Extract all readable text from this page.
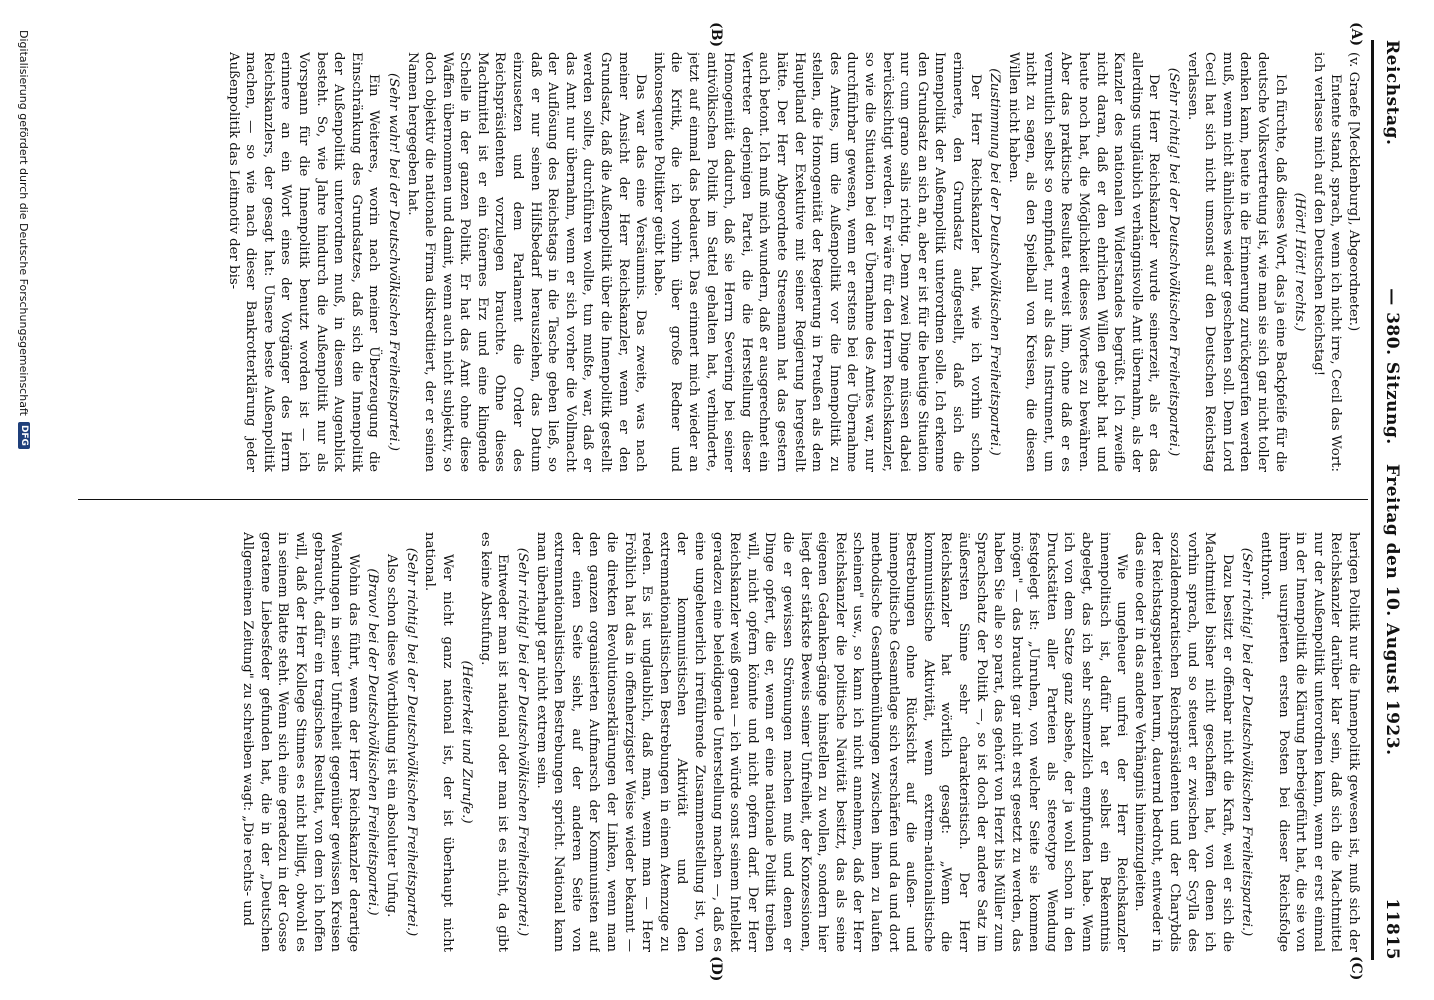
Reichstag.
— 380. Sitzung.   Freitag den 10. August 1923.
11815
(A)
(B)
(C)
(D)

(v. Graefe [Mecklenburg], Abgeordneter.)

Entente stand, sprach, wenn ich nicht irre, Cecil das Wort: ich verlasse mich auf den Deutschen Reichstag!

(Hört! Hört! rechts.)

Ich fürchte, daß dieses Wort, das ja eine Backpfeife für die deutsche Volksvertretung ist, wie man sie sich gar nicht toller denken kann, heute in die Erinnerung zurückgerufen werden muß, wenn nicht ähnliches wieder geschehen soll. Denn Lord Cecil hat sich nicht umsonst auf den Deutschen Reichstag verlassen.

(Sehr richtig! bei der Deutschvölkischen Freiheitspartei.)

Der Herr Reichskanzler wurde seinerzeit, als er das allerdings ungläubich verhängnisvolle Amt übernahm, als der Kanzler des nationalen Widerstandes begrüßt. Ich zweifle nicht daran, daß er den ehrlichen Willen gehabt hat und heute noch hat, die Möglichkeit dieses Wortes zu bewähren. Aber das praktische Resultat erweist ihm, ohne daß er es vermutlich selbst so empfindet, nur als das Instrument, um nicht zu sagen, als den Spielball von Kreisen, die diesen Willen nicht haben.

(Zustimmung bei der Deutschvölkischen Freiheitspartei.)

Der Herr Reichskanzler hat, wie ich vorhin schon erinnerte, den Grundsatz aufgestellt, daß sich die Innenpolitik der Außenpolitik unterordnen solle. Ich erkenne den Grundsatz an sich an, aber er ist für die heutige Situation nur cum grano salis richtig. Denn zwei Dinge müssen dabei berücksichtigt werden. Er wäre für den Herrn Reichskanzler, so wie die Situation bei der Übernahme des Amtes war, nur durchführbar gewesen, wenn er erstens bei der Übernahme des Amtes, um die Außenpolitik vor die Innenpolitik zu stellen, die Homogenität der Regierung in Preußen als dem Hauptland der Exekutive mit seiner Regierung hergestellt hätte. Der Herr Abgeordnete Stresemann hat das gestern auch betont. Ich muß mich wundern, daß er ausgerechnet ein Vertreter derjenigen Partei, die die Herstellung dieser Homogenität dadurch, daß sie Herrn Severing bei seiner antivölkischen Politik im Sattel gehalten hat, verhinderte, jetzt auf einmal das bedauert. Das erinnert mich wieder an die Kritik, die ich vorhin über große Redner und inkonsequente Politiker geübt habe.

Das war das eine Versäumnis. Das zweite, was nach meiner Ansicht der Herr Reichskanzler, wenn er den Grundsatz, daß die Außenpolitik über die Innenpolitik gestellt werden sollte, durchführen wollte, tun mußte, war, daß er das Amt nur übernahm, wenn er sich vorher die Vollmacht der Auflösung des Reichstags in die Tasche geben ließ, so daß er nur seinen Hilfsbedarf herausziehen, das Datum einzusetzen und dem Parlament die Order des Reichspräsidenten vorzulegen brauchte. Ohne dieses Machtmittel ist er ein tönernes Erz und eine klingende Schelle in der ganzen Politik. Er hat das Amt ohne diese Waffen übernommen und damit, wenn auch nicht subjektiv, so doch objektiv die nationale Firma diskreditiert, der er seinen Namen hergegeben hat.

(Sehr wahr! bei der Deutschvölkischen Freiheitspartei.)

Ein Weiteres, worin nach meiner Überzeugung die Einschränkung des Grundsatzes, daß sich die Innenpolitik der Außenpolitik unterordnen muß, in diesem Augenblick besteht. So, wie Jahre hindurch die Außenpolitik nur als Vorspann für die Innenpolitik benutzt worden ist — ich erinnere an ein Wort eines der Vorgänger des Herrn Reichskanzlers, der gesagt hat: Unsere beste Außenpolitik machen, — so wie nach dieser Bankrotterklärung jeder Außenpolitik das Leitmotiv der bis-

herigen Politik nur die Innenpolitik gewesen ist, muß sich der Reichskanzler darüber klar sein, daß sich die Machtmittel nur der Außenpolitik unterordnen kann, wenn er erst einmal in der Innenpolitik die Klärung herbeigeführt hat, die sie von ihrem usurpierten ersten Posten bei dieser Reichsfolge entthront.

(Sehr richtig! bei der Deutschvölkischen Freiheitspartei.)

Dazu besitzt er offenbar nicht die Kraft, weil er sich die Machtmittel bisher nicht geschaffen hat, von denen ich vorhin sprach, und so steuert er zwischen der Scylla des sozialdemokratischen Reichspräsidenten und der Charybdis der Reichstagsparteien herum, dauernd bedroht, entweder in das eine oder in das andere Verhängnis hineinzugleiten.

Wie ungeheuer unfrei der Herr Reichskanzler innenpolitisch ist, dafür hat er selbst ein Bekenntnis abgelegt, das ich sehr schmerzlich empfunden habe. Wenn ich von dem Satze ganz absehe, der ja wohl schon in den Druckstätten aller Parteien als stereotype Wendung festgelegt ist: „Unruhen, von welcher Seite sie kommen mögen" — das braucht gar nicht erst gesetzt zu werden, das haben Sie alle so parat, das gehört von Herzt bis Müller zum Sprachschatz der Politik —, so ist doch der andere Satz im äußersten Sinne sehr charakteristisch. Der Herr Reichskanzler hat wörtlich gesagt: „Wenn die kommunistische Aktivität, wenn extrem-nationalistische Bestrebungen ohne Rücksicht auf die außen- und innenpolitische Gesamtlage sich verschärfen und da und dort methodische Gesamtbemühungen zwischen ihnen zu laufen scheinen" usw., so kann ich nicht annehmen, daß der Herr Reichskanzler die politische Naivität besitzt, das als seine eigenen Gedanken-gänge hinstellen zu wollen, sondern hier liegt der stärkste Beweis seiner Unfreiheit, der Konzessionen, die er gewissen Strömungen machen muß und denen er Dinge opfert, die er, wenn er eine nationale Politik treiben will, nicht opfern könnte und nicht opfern darf. Der Herr Reichskanzler weiß genau — ich würde sonst seinem Intellekt geradezu eine beleidigende Unterstellung machen —, daß es eine ungeheuerlich irreführende Zusammenstellung ist, von der kommunistischen Aktivität und den extremnationalistischen Bestrebungen in einem Atemzuge zu reden. Es ist unglaublich, daß man, wenn man — Herr Fröhlich hat das in offenherzigster Weise wieder bekannt — die direkten Revolutionserklärungen der Linken, wenn man den ganzen organisierten Aufmarsch der Kommunisten auf der einen Seite sieht, auf der anderen Seite von extremnationalistischen Bestrebungen spricht. National kann man überhaupt gar nicht extrem sein.

(Sehr richtig! bei der Deutschvölkischen Freiheitspartei.)

Entweder man ist national oder man ist es nicht, da gibt es keine Abstufung.

(Heiterkeit und Zurufe.)

Wer nicht ganz national ist, der ist überhaupt nicht national.

(Sehr richtig! bei der Deutschvölkischen Freiheitspartei.)

Also schon diese Wortbildung ist ein absoluter Unfug.

(Bravo! bei der Deutschvölkischen Freiheitspartei.)

Wohin das führt, wenn der Herr Reichskanzler derartige Wendungen in seiner Unfreiheit gegenüber gewissen Kreisen gebraucht, dafür ein tragisches Resultat, von dem ich hoffen will, daß der Herr Kollege Stinnes es nicht billigt, obwohl es in seinem Blatte steht. Wenn sich eine geradezu in der Gosse geratene Liebesfeder gefunden hat, die in der „Deutschen Allgemeinen Zeitung" zu schreiben wagt: „Die rechts- und

Digitalisierung gefördert durch die Deutsche Forschungsgemeinschaft
DFG
